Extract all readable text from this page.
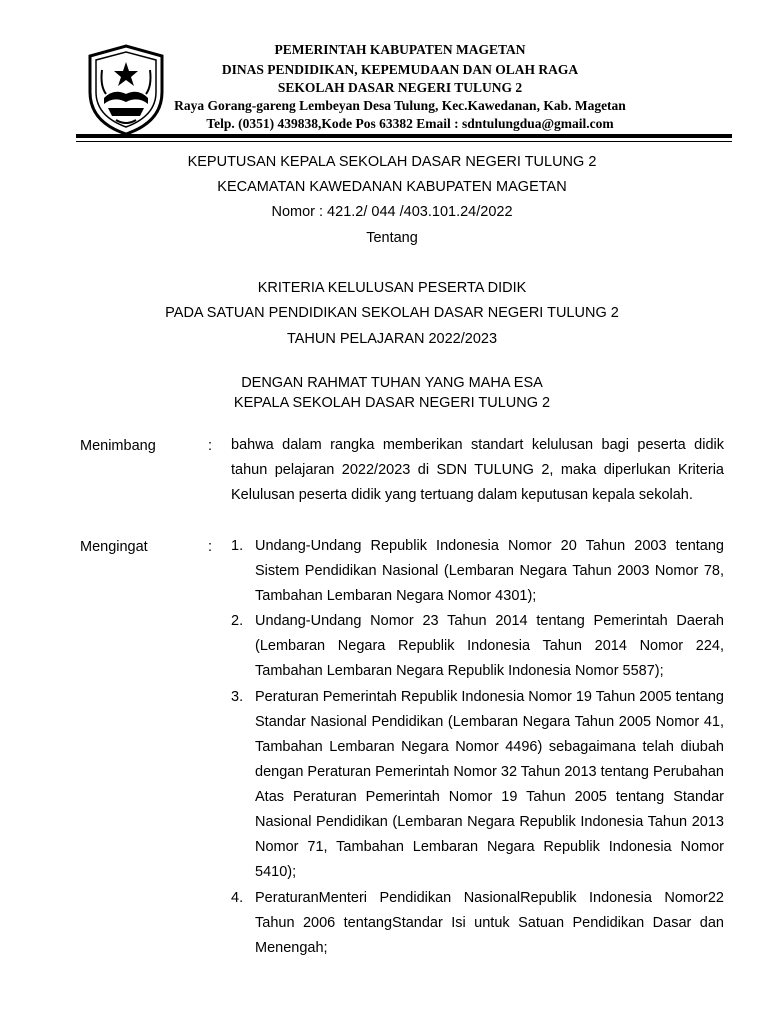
PEMERINTAH KABUPATEN MAGETAN
DINAS PENDIDIKAN, KEPEMUDAAN DAN OLAH RAGA
SEKOLAH DASAR NEGERI TULUNG 2
Raya Gorang-gareng Lembeyan Desa Tulung, Kec.Kawedanan, Kab. Magetan
Telp. (0351) 439838,Kode Pos 63382 Email : sdntulungdua@gmail.com
KEPUTUSAN KEPALA SEKOLAH DASAR NEGERI TULUNG 2
KECAMATAN KAWEDANAN KABUPATEN MAGETAN
Nomor : 421.2/ 044 /403.101.24/2022
Tentang
KRITERIA KELULUSAN PESERTA DIDIK
PADA SATUAN PENDIDIKAN SEKOLAH DASAR NEGERI TULUNG 2
TAHUN PELAJARAN 2022/2023
DENGAN RAHMAT TUHAN YANG MAHA ESA
KEPALA SEKOLAH DASAR NEGERI TULUNG 2
Menimbang	: bahwa dalam rangka memberikan standart kelulusan bagi peserta didik tahun pelajaran 2022/2023 di SDN TULUNG 2, maka diperlukan Kriteria Kelulusan peserta didik yang tertuang dalam keputusan kepala sekolah.

Mengingat	: 1. Undang-Undang Republik Indonesia Nomor 20 Tahun 2003 tentang Sistem Pendidikan Nasional (Lembaran Negara Tahun 2003 Nomor 78, Tambahan Lembaran Negara Nomor 4301);

2. Undang-Undang Nomor 23 Tahun 2014 tentang Pemerintah Daerah (Lembaran Negara Republik Indonesia Tahun 2014 Nomor 224, Tambahan Lembaran Negara Republik Indonesia Nomor 5587);

3. Peraturan Pemerintah Republik Indonesia Nomor 19 Tahun 2005 tentang Standar Nasional Pendidikan (Lembaran Negara Tahun 2005 Nomor 41, Tambahan Lembaran Negara Nomor 4496) sebagaimana telah diubah dengan Peraturan Pemerintah Nomor 32 Tahun 2013 tentang Perubahan Atas Peraturan Pemerintah Nomor 19 Tahun 2005 tentang Standar Nasional Pendidikan (Lembaran Negara Republik Indonesia Tahun 2013 Nomor 71, Tambahan Lembaran Negara Republik Indonesia Nomor 5410);

4. PeraturanMenteri Pendidikan NasionalRepublik Indonesia Nomor22 Tahun 2006 tentangStandar Isi untuk Satuan Pendidikan Dasar dan Menengah;
